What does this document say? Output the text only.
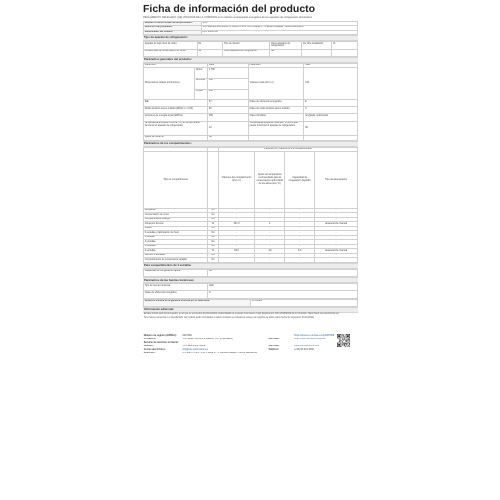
Ficha de información del producto
REGLAMENTO DELEGADO (UE) 2019/2016 DE LA COMISIÓN en lo relativo al etiquetado energético de los aparatos de refrigeración domésticos
Nombre o marca comercial del proveedor:	VOX
Dirección del proveedor:	VOX Electronics Ibérica, C/ Pedro i Pons, 9-11, Planta 5ª, 5ª Edificio Atalaya - 08034 Barcelona
Identificador del modelo:	KVK 3260XIW
Tipo de aparato de refrigeración:
Aparato de bajo nivel de ruido:	No	Tipo de diseño:	Otros aparatos de refrigeración	De libre instalación	Sí
Armario para la conservación de vinos:	No	Otros aparatos de refrigeración:	No		
Parámetros generales del producto:
Parámetro		Valor	Parámetro	Valor
Dimensiones totales (milímetros)	Altura	1.790	Volumen total (dm³ o l)	314
	Anchura	595		
	Fondo	630		
IEE		97	Clase de eficiencia energética	E
Ruido acústico aéreo emitido [dB(A) re 1 pW]		38	Clase de ruido acústico aéreo emitido	C
Consumo de energía anual (kWh/a)		250	Clase climática:	templada, subtropical
Temperatura ambiente mínima (°C) en la que puede funcionar el aparato de refrigeración		10	Temperatura ambiente máxima (°C) en la que puede funcionar el aparato de refrigeración	38
Ajuste de invierno		No		
Parámetros de los compartimentos:
		Parámetros y valores de los compartimentos			
Tipo de compartimento		Volumen del compartimento (dm³ o l)	Ajuste de temperatura recomendado para la conservación optimizada de los alimentos (°C)	Capacidad de congelación (kg/24h)	Tipo de desescarche
Despensa	No	-	-	-	-
Conservación de vinos	No	-	-	-	-
Compartimento bodega	No	-	-	-	-
Alimentos frescos	Sí	231,0	4	-	desescarche manual
Fresco	No	-	-	-	-
0 estrellas o fabricación de hielo	No	-	-	-	-
1 estrella	No	-	-	-	-
2 estrellas	No	-	-	-	-
3 estrellas	No	-	-	-	-
4 estrellas	Sí	83,0	-18	5,0	desescarche manual
Sección 2 estrellas	No	-	-	-	-
Compartimento de temperatura variable	No	-	-	-	-
Para compartimentos de 4 estrellas
Capacidad de congelación rápida	No
Parámetros de las fuentes luminosas:
Tipo de fuente luminosa	LED
Clase de eficiencia energética	G
Duración mínima de la garantía ofrecida por el fabricante:	36 meses
Información adicional:
Enlace al sitio web del proveedor, en el que se encuentra la información contemplada en el punto 4 del anexo II del Reglamento (UE) 2019/2019 de la Comisión: https://web.vox-electronics.eu/
Si la marca comercial o el identificador del modelo están vinculados a varios modelos se indicará el número de registro de todos ellos (fecha de impresión: 01/11/2024)
Número de registro (EPREL):	2097399		https://eprel.ec.europa.eu/qr/2097399
Proveedor:	VOX ELECTRONICS IBERIA, S.L. (Importador)	Sitio web:	https://web.vox-electronics.eu
Servicio de atención al cliente:			
Nombre:	VOX Electronic Iberia	Sitio web:	www.vox-electronics.es
Correo electrónico:	info@vox-electronics.es	Teléfono:	(+34) 93 224 4090
Dirección:	C/ Pedro i Pons, 9-11, Planta 5ª, 5ª Edificio Atalaya - 08034 Barcelona		
